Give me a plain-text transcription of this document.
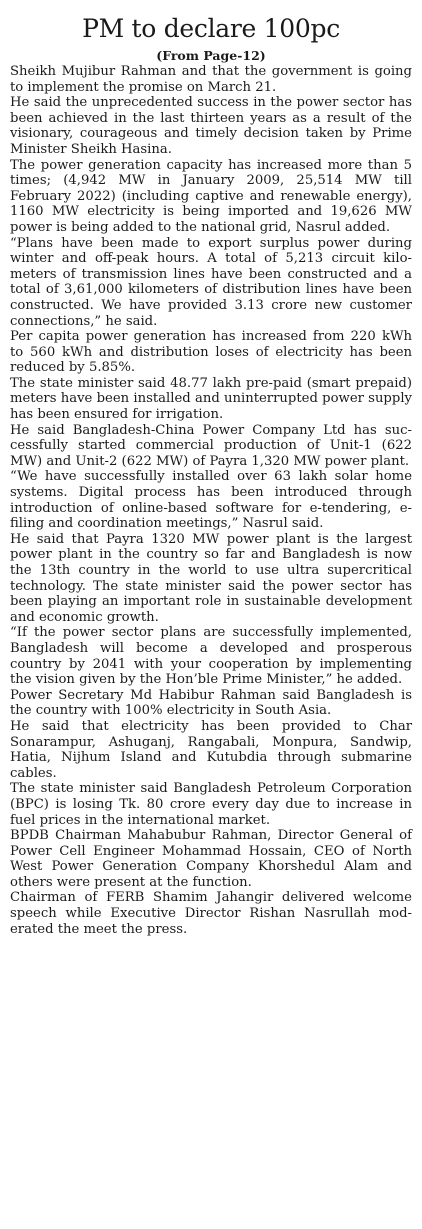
PM to declare 100pc
(From Page-12)

Sheikh Mujibur Rahman and that the government is going to implement the promise on March 21.

He said the unprecedented success in the power sector has been achieved in the last thirteen years as a result of the visionary, courageous and timely decision taken by Prime Minister Sheikh Hasina.

The power generation capacity has increased more than 5 times; (4,942 MW in January 2009, 25,514 MW till February 2022) (including captive and renewable energy), 1160 MW electricity is being imported and 19,626 MW power is being added to the national grid, Nasrul added.

“Plans have been made to export surplus power during winter and off-peak hours. A total of 5,213 circuit kilometers of transmission lines have been constructed and a total of 3,61,000 kilometers of distribution lines have been constructed. We have provided 3.13 crore new customer connections,” he said.

Per capita power generation has increased from 220 kWh to 560 kWh and distribution loses of electricity has been reduced by 5.85%.

The state minister said 48.77 lakh pre-paid (smart prepaid) meters have been installed and uninterrupted power supply has been ensured for irrigation.

He said Bangladesh-China Power Company Ltd has successfully started commercial production of Unit-1 (622 MW) and Unit-2 (622 MW) of Payra 1,320 MW power plant.

“We have successfully installed over 63 lakh solar home systems. Digital process has been introduced through introduction of online-based software for e-tendering, e-filing and coordination meetings,” Nasrul said.

He said that Payra 1320 MW power plant is the largest power plant in the country so far and Bangladesh is now the 13th country in the world to use ultra supercritical technology. The state minister said the power sector has been playing an important role in sustainable development and economic growth.

“If the power sector plans are successfully implemented, Bangladesh will become a developed and prosperous country by 2041 with your cooperation by implementing the vision given by the Hon’ble Prime Minister,” he added.

Power Secretary Md Habibur Rahman said Bangladesh is the country with 100% electricity in South Asia.

He said that electricity has been provided to Char Sonarampur, Ashuganj, Rangabali, Monpura, Sandwip, Hatia, Nijhum Island and Kutubdia through submarine cables.

The state minister said Bangladesh Petroleum Corporation (BPC) is losing Tk. 80 crore every day due to increase in fuel prices in the international market.

BPDB Chairman Mahabubur Rahman, Director General of Power Cell Engineer Mohammad Hossain, CEO of North West Power Generation Company Khorshedul Alam and others were present at the function.

Chairman of FERB Shamim Jahangir delivered welcome speech while Executive Director Rishan Nasrullah moderated the meet the press.
